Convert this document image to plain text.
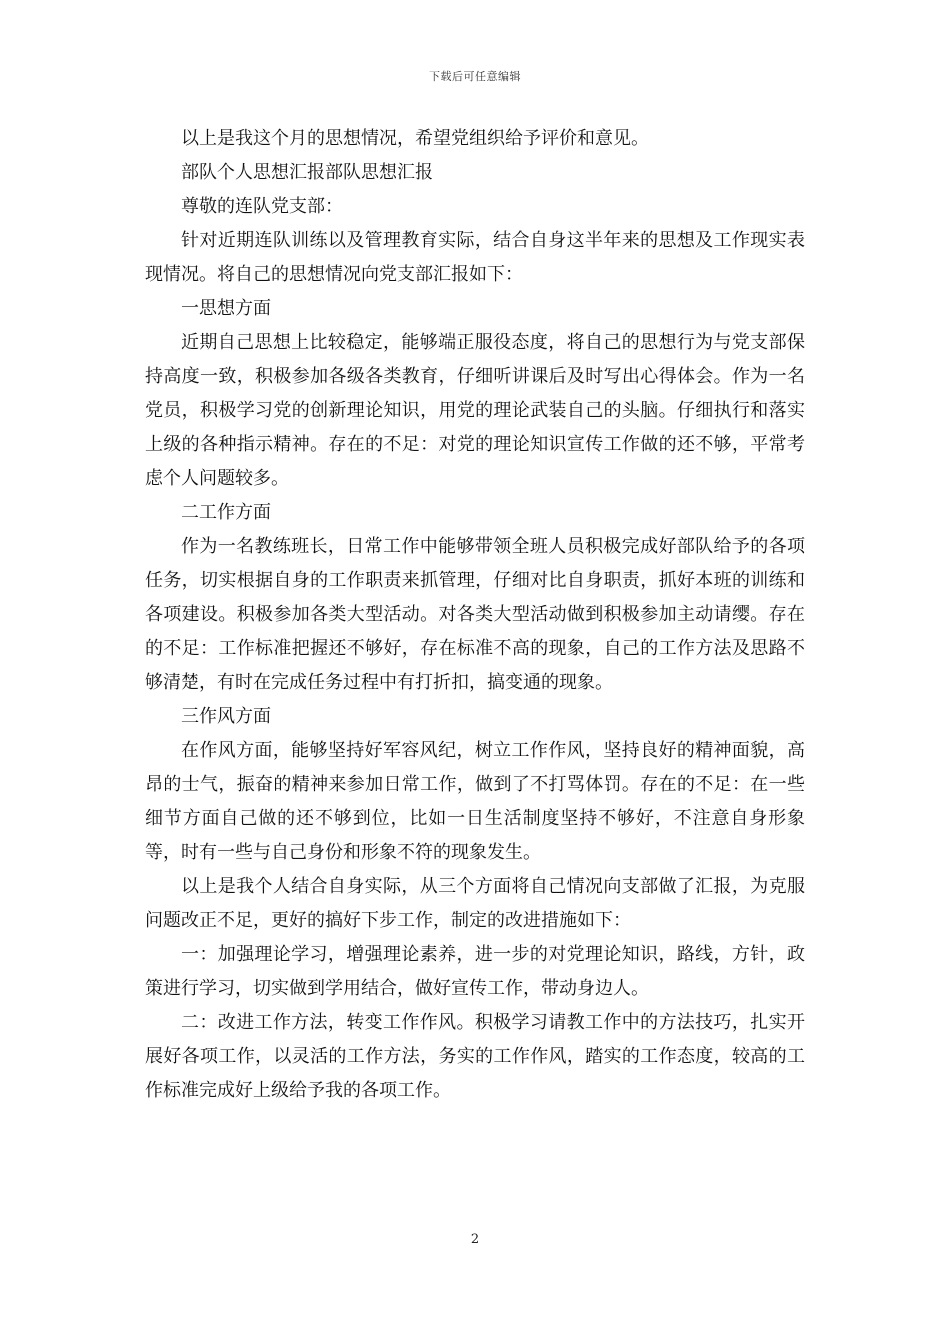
下载后可任意编辑

以上是我这个月的思想情况，希望党组织给予评价和意见。

部队个人思想汇报部队思想汇报

尊敬的连队党支部：

针对近期连队训练以及管理教育实际，结合自身这半年来的思想及工作现实表现情况。将自己的思想情况向党支部汇报如下：

一思想方面

近期自己思想上比较稳定，能够端正服役态度，将自己的思想行为与党支部保持高度一致，积极参加各级各类教育，仔细听讲课后及时写出心得体会。作为一名党员，积极学习党的创新理论知识，用党的理论武装自己的头脑。仔细执行和落实上级的各种指示精神。存在的不足：对党的理论知识宣传工作做的还不够，平常考虑个人问题较多。

二工作方面

作为一名教练班长，日常工作中能够带领全班人员积极完成好部队给予的各项任务，切实根据自身的工作职责来抓管理，仔细对比自身职责，抓好本班的训练和各项建设。积极参加各类大型活动。对各类大型活动做到积极参加主动请缨。存在的不足：工作标准把握还不够好，存在标准不高的现象，自己的工作方法及思路不够清楚，有时在完成任务过程中有打折扣，搞变通的现象。

三作风方面

在作风方面，能够坚持好军容风纪，树立工作作风，坚持良好的精神面貌，高昂的士气，振奋的精神来参加日常工作，做到了不打骂体罚。存在的不足：在一些细节方面自己做的还不够到位，比如一日生活制度坚持不够好，不注意自身形象等，时有一些与自己身份和形象不符的现象发生。

以上是我个人结合自身实际，从三个方面将自己情况向支部做了汇报，为克服问题改正不足，更好的搞好下步工作，制定的改进措施如下：

一：加强理论学习，增强理论素养，进一步的对党理论知识，路线，方针，政策进行学习，切实做到学用结合，做好宣传工作，带动身边人。

二：改进工作方法，转变工作作风。积极学习请教工作中的方法技巧，扎实开展好各项工作，以灵活的工作方法，务实的工作作风，踏实的工作态度，较高的工作标准完成好上级给予我的各项工作。

2
